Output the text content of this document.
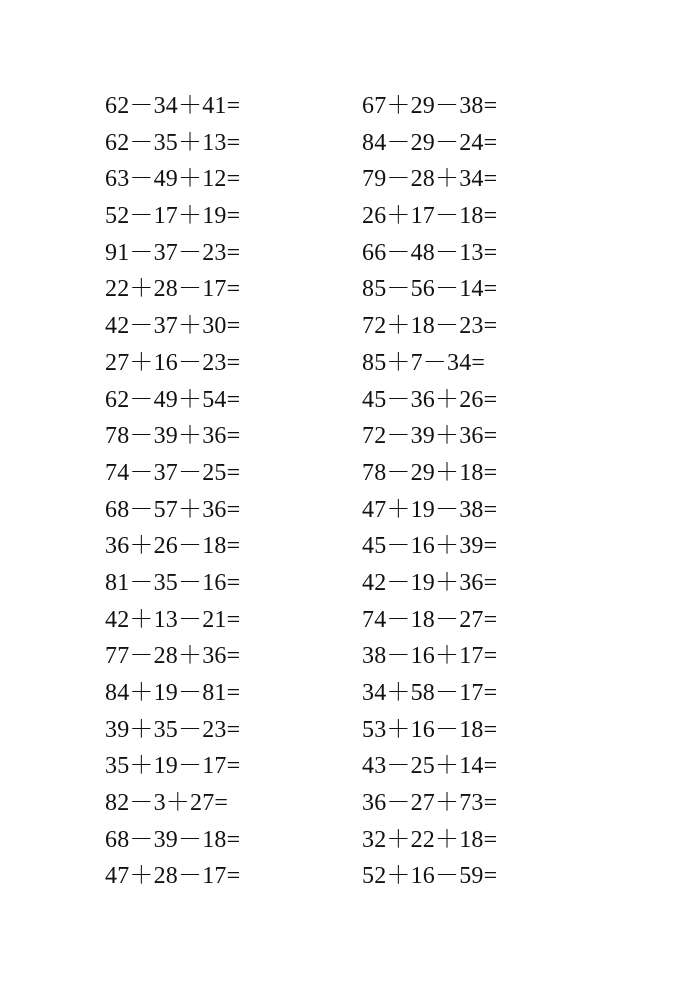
62－34＋41=
62－35＋13=
63－49＋12=
52－17＋19=
91－37－23=
22＋28－17=
42－37＋30=
27＋16－23=
62－49＋54=
78－39＋36=
74－37－25=
68－57＋36=
36＋26－18=
81－35－16=
42＋13－21=
77－28＋36=
84＋19－81=
39＋35－23=
35＋19－17=
82－3＋27=
68－39－18=
47＋28－17=
67＋29－38=
84－29－24=
79－28＋34=
26＋17－18=
66－48－13=
85－56－14=
72＋18－23=
85＋7－34=
45－36＋26=
72－39＋36=
78－29＋18=
47＋19－38=
45－16＋39=
42－19＋36=
74－18－27=
38－16＋17=
34＋58－17=
53＋16－18=
43－25＋14=
36－27＋73=
32＋22＋18=
52＋16－59=
